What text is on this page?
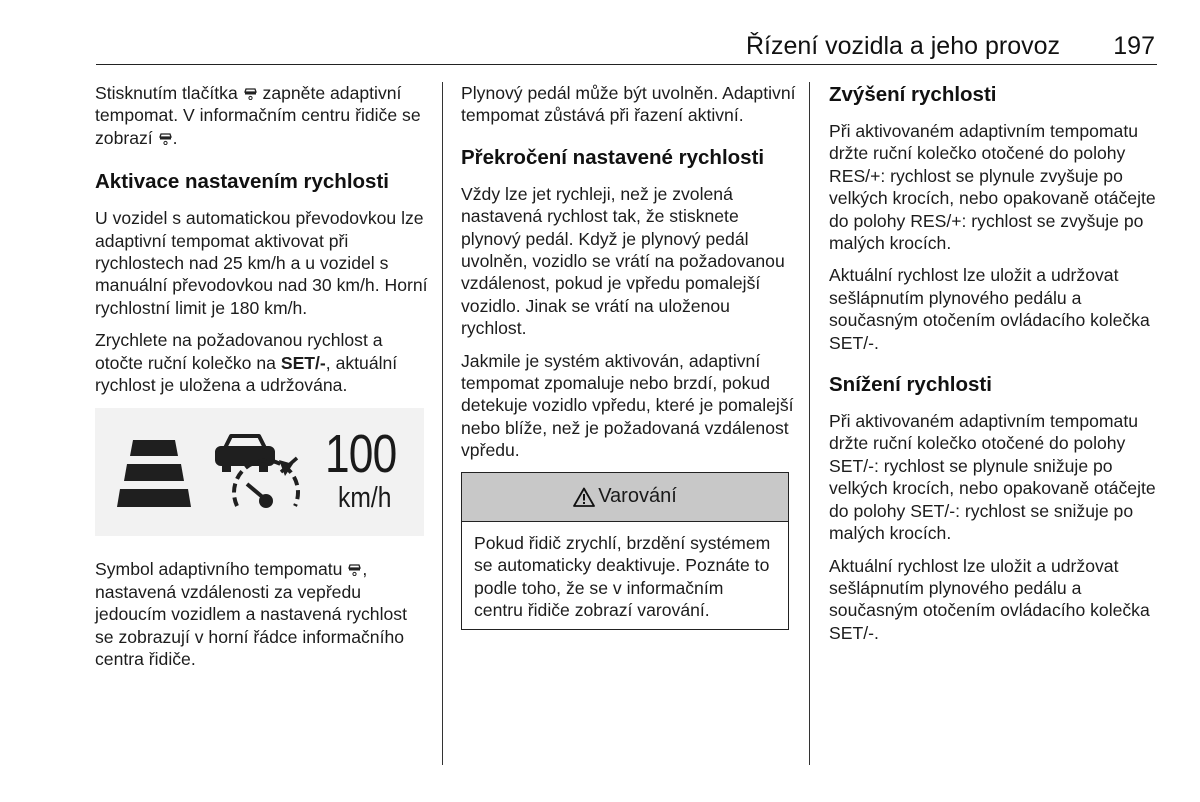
Řízení vozidla a jeho provoz 197

Stisknutím tlačítka  zapněte adaptivní tempomat. V informačním centru řidiče se zobrazí .

Aktivace nastavením rychlosti

U vozidel s automatickou převodovkou lze adaptivní tempomat aktivovat při rychlostech nad 25 km/h a u vozidel s manuální převodovkou nad 30 km/h. Horní rychlostní limit je 180 km/h.

Zrychlete na požadovanou rychlost a otočte ruční kolečko na SET/-, aktuální rychlost je uložena a udržována.

100
km/h

Symbol adaptivního tempomatu , nastavená vzdálenosti za vepředu jedoucím vozidlem a nastavená rychlost se zobrazují v horní řádce informačního centra řidiče.

Plynový pedál může být uvolněn. Adaptivní tempomat zůstává při řazení aktivní.

Překročení nastavené rychlosti

Vždy lze jet rychleji, než je zvolená nastavená rychlost tak, že stisknete plynový pedál. Když je plynový pedál uvolněn, vozidlo se vrátí na požadovanou vzdálenost, pokud je vpředu pomalejší vozidlo. Jinak se vrátí na uloženou rychlost.

Jakmile je systém aktivován, adaptivní tempomat zpomaluje nebo brzdí, pokud detekuje vozidlo vpředu, které je pomalejší nebo blíže, než je požadovaná vzdálenost vpředu.

Varování

Pokud řidič zrychlí, brzdění systémem se automaticky deaktivuje. Poznáte to podle toho, že se v informačním centru řidiče zobrazí varování.

Zvýšení rychlosti

Při aktivovaném adaptivním tempomatu držte ruční kolečko otočené do polohy RES/+: rychlost se plynule zvyšuje po velkých krocích, nebo opakovaně otáčejte do polohy RES/+: rychlost se zvyšuje po malých krocích.

Aktuální rychlost lze uložit a udržovat sešlápnutím plynového pedálu a současným otočením ovládacího kolečka SET/-.

Snížení rychlosti

Při aktivovaném adaptivním tempomatu držte ruční kolečko otočené do polohy SET/-: rychlost se plynule snižuje po velkých krocích, nebo opakovaně otáčejte do polohy SET/-: rychlost se snižuje po malých krocích.

Aktuální rychlost lze uložit a udržovat sešlápnutím plynového pedálu a současným otočením ovládacího kolečka SET/-.
